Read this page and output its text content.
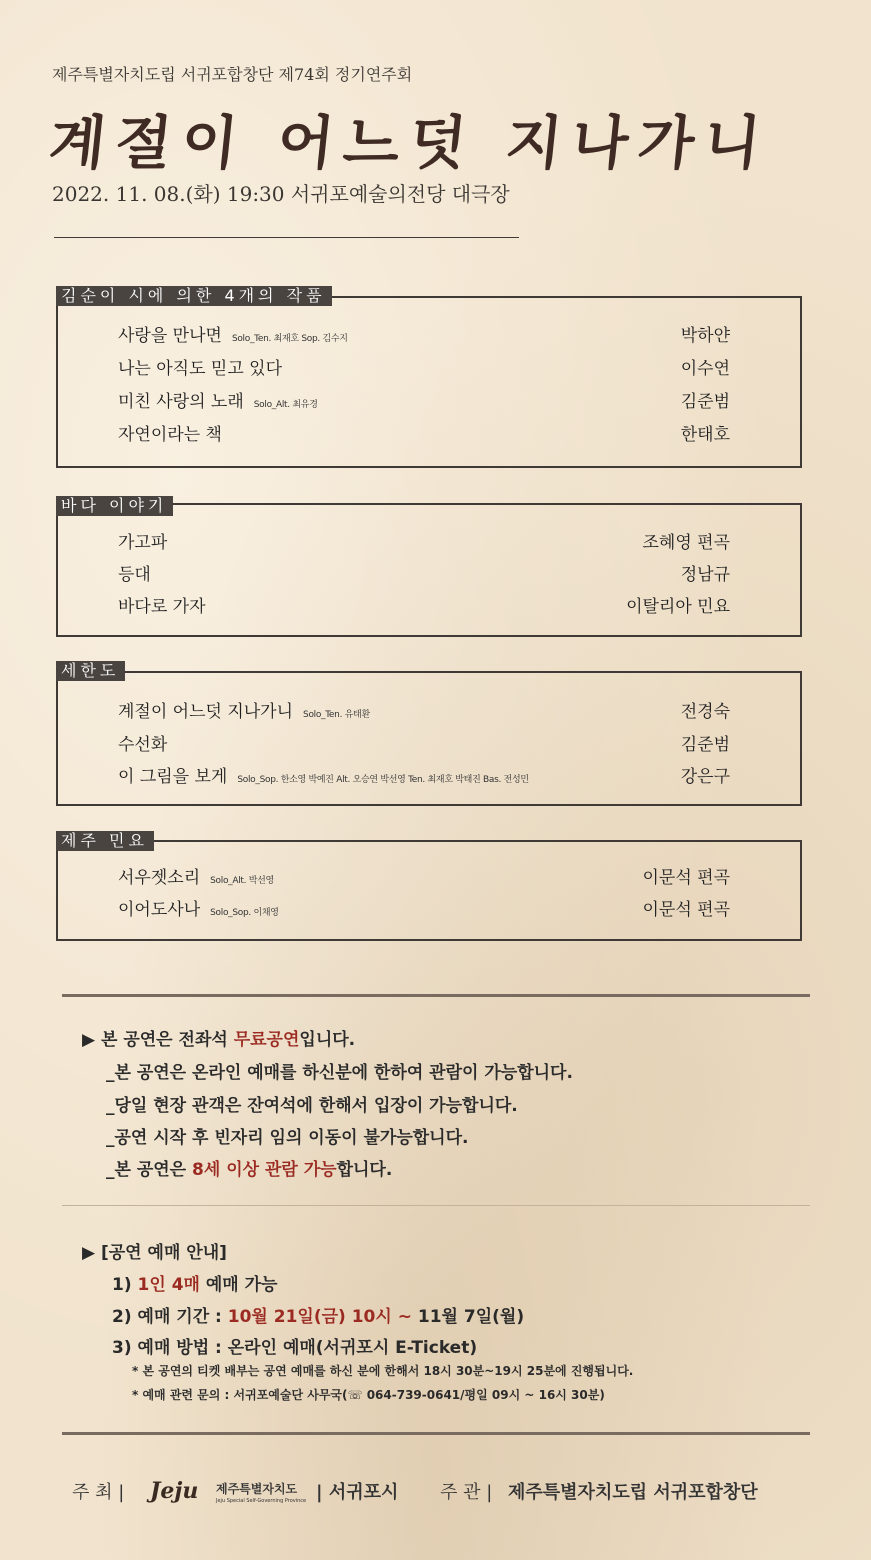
제주특별자치도립 서귀포합창단 제74회 정기연주회
계절이 어느덧 지나가니
2022. 11. 08.(화) 19:30 서귀포예술의전당 대극장
김순이 시에 의한 4개의 작품
사랑을 만나면 Solo_Ten. 최재호 Sop. 김수지	박하얀
나는 아직도 믿고 있다	이수연
미친 사랑의 노래 Solo_Alt. 최유경	김준범
자연이라는 책	한태호
바다 이야기
가고파	조혜영 편곡
등대	정남규
바다로 가자	이탈리아 민요
세한도
계절이 어느덧 지나가니 Solo_Ten. 유태환	전경숙
수선화	김준범
이 그림을 보게 Solo_Sop. 한소영 박예진 Alt. 오승연 박선영 Ten. 최재호 박태진 Bas. 전성민	강은구
제주 민요
서우젯소리 Solo_Alt. 박선영	이문석 편곡
이어도사나 Solo_Sop. 이채영	이문석 편곡
▶ 본 공연은 전좌석 무료공연입니다.
_본 공연은 온라인 예매를 하신분에 한하여 관람이 가능합니다.
_당일 현장 관객은 잔여석에 한해서 입장이 가능합니다.
_공연 시작 후 빈자리 임의 이동이 불가능합니다.
_본 공연은 8세 이상 관람 가능합니다.
▶ [공연 예매 안내]
1) 1인 4매 예매 가능
2) 예매 기간 : 10월 21일(금) 10시 ~ 11월 7일(월)
3) 예매 방법 : 온라인 예매(서귀포시 E-Ticket)
* 본 공연의 티켓 배부는 공연 예매를 하신 분에 한해서 18시 30분~19시 25분에 진행됩니다.
* 예매 관련 문의 : 서귀포예술단 사무국(☏ 064-739-0641/평일 09시 ~ 16시 30분)
주 최 | Jeju 제주특별자치도
Jeju Special Self-Governing Province | 서귀포시 주 관 | 제주특별자치도립 서귀포합창단
